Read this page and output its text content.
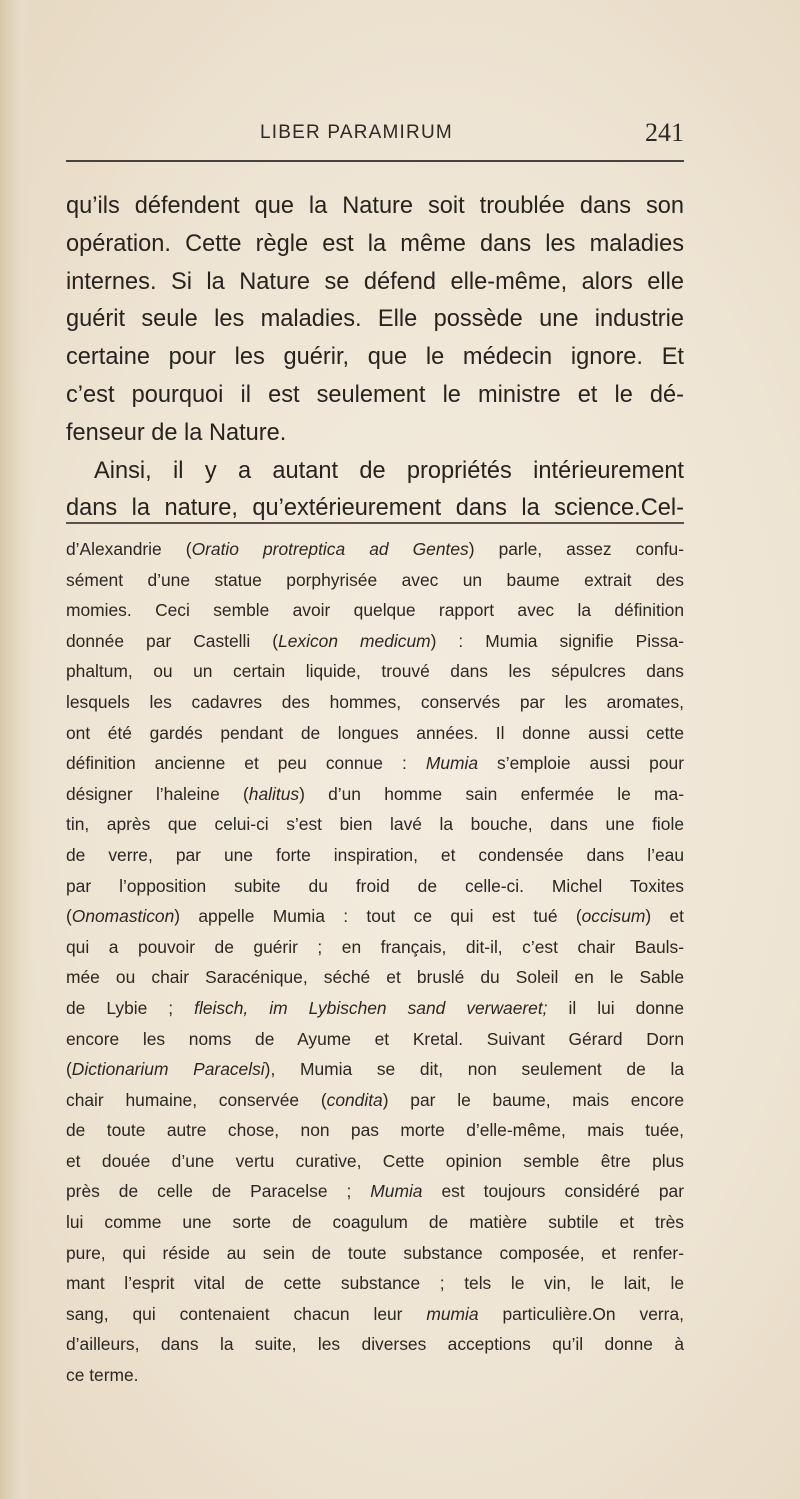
LIBER PARAMIRUM	241
qu’ils défendent que la Nature soit troublée dans son
opération. Cette règle est la même dans les maladies
internes. Si la Nature se défend elle-même, alors elle
guérit seule les maladies. Elle possède une industrie
certaine pour les guérir, que le médecin ignore. Et
c’est pourquoi il est seulement le ministre et le dé-
fenseur de la Nature.
Ainsi, il y a autant de propriétés intérieurement
dans la nature, qu’extérieurement dans la science.Cel-
d’Alexandrie (Oratio protreptica ad Gentes) parle, assez confu-
sément d’une statue porphyrisée avec un baume extrait des
momies. Ceci semble avoir quelque rapport avec la définition
donnée par Castelli (Lexicon medicum) : Mumia signifie Pissa-
phaltum, ou un certain liquide, trouvé dans les sépulcres dans
lesquels les cadavres des hommes, conservés par les aromates,
ont été gardés pendant de longues années. Il donne aussi cette
définition ancienne et peu connue : Mumia s’emploie aussi pour
désigner l’haleine (halitus) d’un homme sain enfermée le ma-
tin, après que celui-ci s’est bien lavé la bouche, dans une fiole
de verre, par une forte inspiration, et condensée dans l’eau
par l’opposition subite du froid de celle-ci. Michel Toxites
(Onomasticon) appelle Mumia : tout ce qui est tué (occisum) et
qui a pouvoir de guérir ; en français, dit-il, c’est chair Bauls-
mée ou chair Saracénique, séché et bruslé du Soleil en le Sable
de Lybie ; fleisch, im Lybischen sand verwaeret; il lui donne
encore les noms de Ayume et Kretal. Suivant Gérard Dorn
(Dictionarium Paracelsi), Mumia se dit, non seulement de la
chair humaine, conservée (condita) par le baume, mais encore
de toute autre chose, non pas morte d’elle-même, mais tuée,
et douée d’une vertu curative, Cette opinion semble être plus
près de celle de Paracelse ; Mumia est toujours considéré par
lui comme une sorte de coagulum de matière subtile et très
pure, qui réside au sein de toute substance composée, et renfer-
mant l’esprit vital de cette substance ; tels le vin, le lait, le
sang, qui contenaient chacun leur mumia particulière.On verra,
d’ailleurs, dans la suite, les diverses acceptions qu’il donne à
ce terme.
